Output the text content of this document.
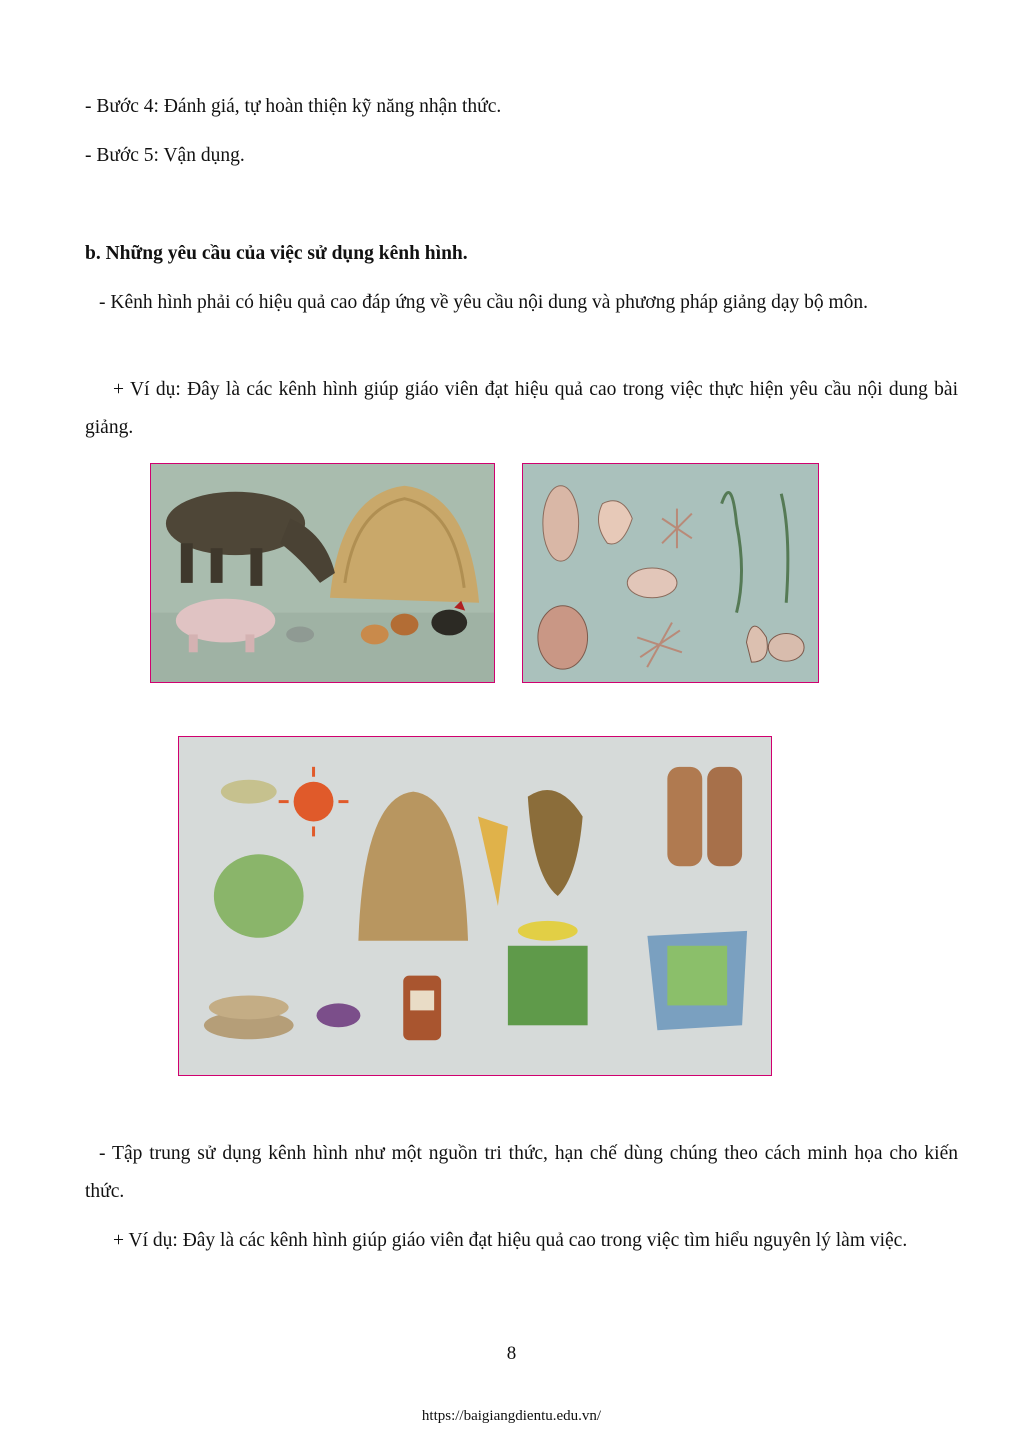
- Bước 4: Đánh giá, tự hoàn thiện kỹ năng nhận thức.
- Bước 5: Vận dụng.
b. Những yêu cầu của việc sử dụng kênh hình.
- Kênh hình phải có hiệu quả cao đáp ứng về yêu cầu nội dung và phương pháp giảng dạy bộ môn.
+ Ví dụ: Đây là các kênh hình giúp giáo viên đạt hiệu quả cao trong việc thực hiện yêu cầu nội dung bài giảng.
- Tập trung sử dụng kênh hình như một nguồn tri thức, hạn chế dùng chúng theo cách minh họa cho kiến thức.
+ Ví dụ: Đây là các kênh hình giúp giáo viên đạt hiệu quả cao trong việc tìm hiểu nguyên lý làm việc.
8
https://baigiangdientu.edu.vn/
